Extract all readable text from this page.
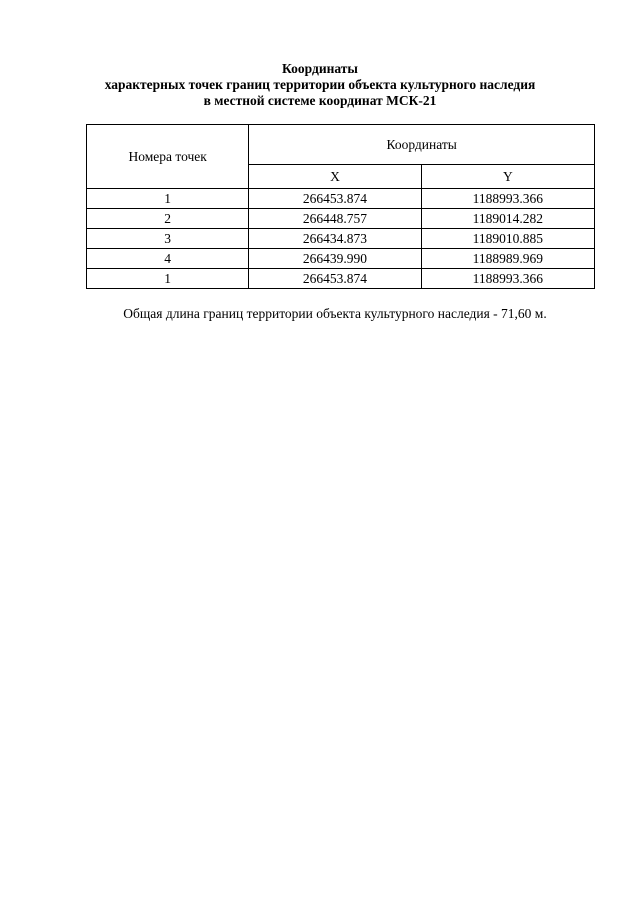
Координаты
характерных точек границ территории объекта культурного наследия
в местной системе координат МСК-21
Номера точек	Координаты	
	X	Y
1	266453.874	1188993.366
2	266448.757	1189014.282
3	266434.873	1189010.885
4	266439.990	1188989.969
1	266453.874	1188993.366
Общая длина границ территории объекта культурного наследия - 71,60 м.
